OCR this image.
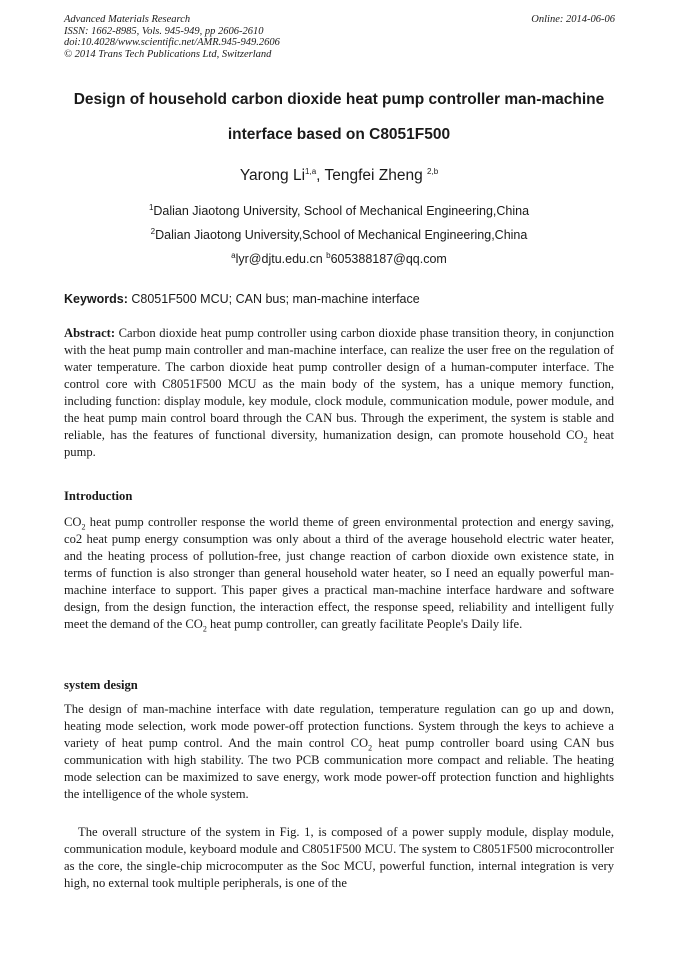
Advanced Materials Research
ISSN: 1662-8985, Vols. 945-949, pp 2606-2610
doi:10.4028/www.scientific.net/AMR.945-949.2606
© 2014 Trans Tech Publications Ltd, Switzerland
Online: 2014-06-06
Design of household carbon dioxide heat pump controller man-machine
interface based on C8051F500
Yarong Li$^{1,a}$, Tengfei Zheng $^{2,b}$
$^1$Dalian Jiaotong University, School of Mechanical Engineering,China
$^2$Dalian Jiaotong University,School of Mechanical Engineering,China
$^a$lyr@djtu.edu.cn $^b$605388187@qq.com
Keywords: C8051F500 MCU; CAN bus; man-machine interface

Abstract: Carbon dioxide heat pump controller using carbon dioxide phase transition theory, in conjunction with the heat pump main controller and man-machine interface, can realize the user free on the regulation of water temperature. The carbon dioxide heat pump controller design of a human-computer interface. The control core with C8051F500 MCU as the main body of the system, has a unique memory function, including function: display module, key module, clock module, communication module, power module, and the heat pump main control board through the CAN bus. Through the experiment, the system is stable and reliable, has the features of functional diversity, humanization design, can promote household $CO_2$ heat pump.

Introduction

$CO_2$ heat pump controller response the world theme of green environmental protection and energy saving, co2 heat pump energy consumption was only about a third of the average household electric water heater, and the heating process of pollution-free, just change reaction of carbon dioxide own existence state, in terms of function is also stronger than general household water heater, so I need an equally powerful man-machine interface to support. This paper gives a practical man-machine interface hardware and software design, from the design function, the interaction effect, the response speed, reliability and intelligent fully meet the demand of the $CO_2$ heat pump controller, can greatly facilitate People's Daily life.

system design

The design of man-machine interface with date regulation, temperature regulation can go up and down, heating mode selection, work mode power-off protection functions. System through the keys to achieve a variety of heat pump control. And the main control $CO_2$ heat pump controller board using CAN bus communication with high stability. The two PCB communication more compact and reliable. The heating mode selection can be maximized to save energy, work mode power-off protection function and highlights the intelligence of the whole system.

The overall structure of the system in Fig. 1, is composed of a power supply module, display module, communication module, keyboard module and C8051F500 MCU. The system to C8051F500 microcontroller as the core, the single-chip microcomputer as the Soc MCU, powerful function, internal integration is very high, no external took multiple peripherals, is one of the
